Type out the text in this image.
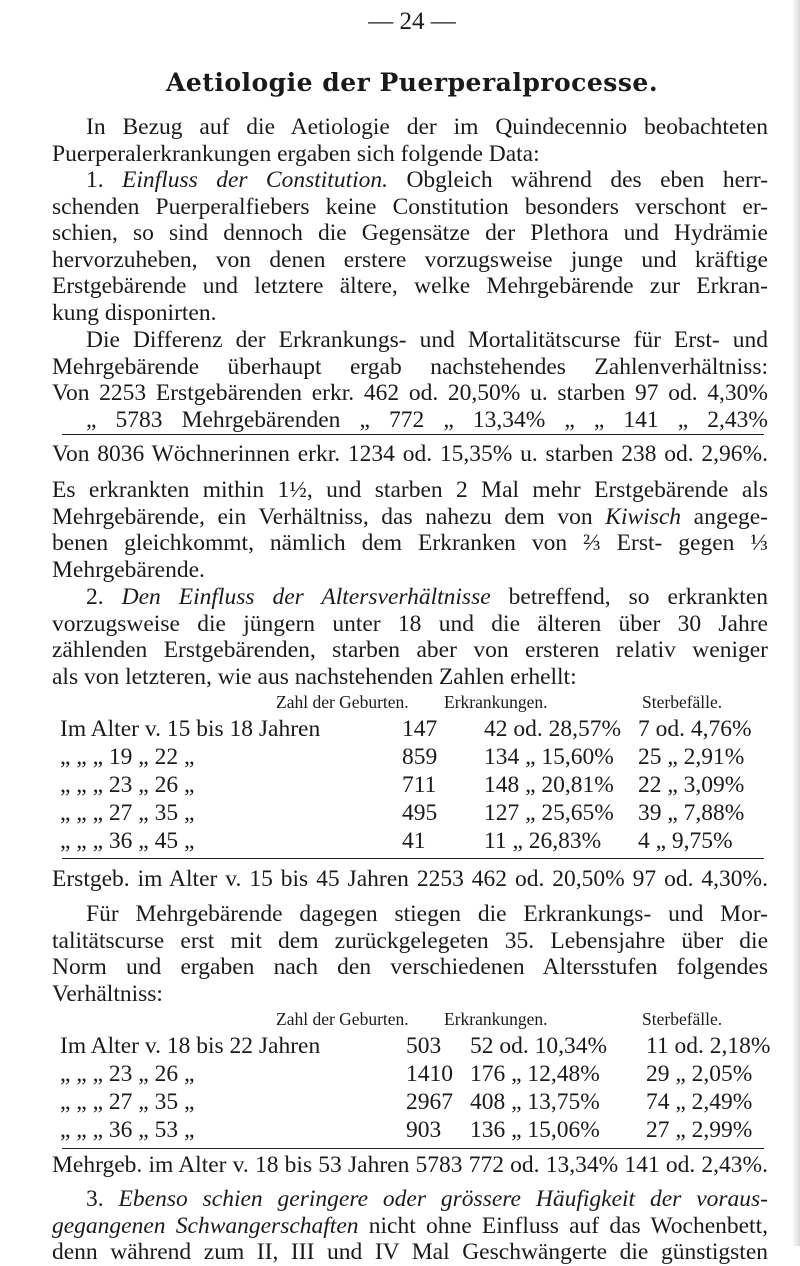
— 24 —
Aetiologie der Puerperalprocesse.
In Bezug auf die Aetiologie der im Quindecennio beobachteten
Puerperalerkrankungen ergaben sich folgende Data:
1. Einfluss der Constitution. Obgleich während des eben herr-
schenden Puerperalfiebers keine Constitution besonders verschont er-
schien, so sind dennoch die Gegensätze der Plethora und Hydrämie
hervorzuheben, von denen erstere vorzugsweise junge und kräftige
Erstgebärende und letztere ältere, welke Mehrgebärende zur Erkran-
kung disponirten.
Die Differenz der Erkrankungs- und Mortalitätscurse für Erst- und
Mehrgebärende überhaupt ergab nachstehendes Zahlenverhältniss:
Von 2253 Erstgebärenden erkr. 462 od. 20,50% u. starben 97 od. 4,30%
„ 5783 Mehrgebärenden „ 772 „ 13,34% „ „ 141 „ 2,43%
Von 8036 Wöchnerinnen erkr. 1234 od. 15,35% u. starben 238 od. 2,96%.
Es erkrankten mithin 1½, und starben 2 Mal mehr Erstgebärende als
Mehrgebärende, ein Verhältniss, das nahezu dem von Kiwisch angege-
benen gleichkommt, nämlich dem Erkranken von ⅔ Erst- gegen ⅓
Mehrgebärende.
2. Den Einfluss der Altersverhältnisse betreffend, so erkrankten
vorzugsweise die jüngern unter 18 und die älteren über 30 Jahre
zählenden Erstgebärenden, starben aber von ersteren relativ weniger
als von letzteren, wie aus nachstehenden Zahlen erhellt:
Zahl der Geburten. Erkrankungen.	Sterbefälle.
Im Alter v. 15 bis 18 Jahren	147 42 od. 28,57% 7 od. 4,76%
„ „ „ 19 „ 22 „	859 134 „ 15,60% 25 „ 2,91%
„ „ „ 23 „ 26 „	711 148 „ 20,81% 22 „ 3,09%
„ „ „ 27 „ 35 „	495 127 „ 25,65% 39 „ 7,88%
„ „ „ 36 „ 45 „	41 11 „ 26,83% 4 „ 9,75%
Erstgeb. im Alter v. 15 bis 45 Jahren 2253 462 od. 20,50% 97 od. 4,30%.
Für Mehrgebärende dagegen stiegen die Erkrankungs- und Mor-
talitätscurse erst mit dem zurückgelegeten 35. Lebensjahre über die
Norm und ergaben nach den verschiedenen Altersstufen folgendes
Verhältniss:
Zahl der Geburten. Erkrankungen.	Sterbefälle.
Im Alter v. 18 bis 22 Jahren	503 52 od. 10,34% 11 od. 2,18%
„ „ „ 23 „ 26 „	1410 176 „ 12,48% 29 „ 2,05%
„ „ „ 27 „ 35 „	2967 408 „ 13,75% 74 „ 2,49%
„ „ „ 36 „ 53 „	903 136 „ 15,06% 27 „ 2,99%
Mehrgeb. im Alter v. 18 bis 53 Jahren 5783 772 od. 13,34% 141 od. 2,43%.
3. Ebenso schien geringere oder grössere Häufigkeit der voraus-
gegangenen Schwangerschaften nicht ohne Einfluss auf das Wochenbett,
denn während zum II, III und IV Mal Geschwängerte die günstigsten
